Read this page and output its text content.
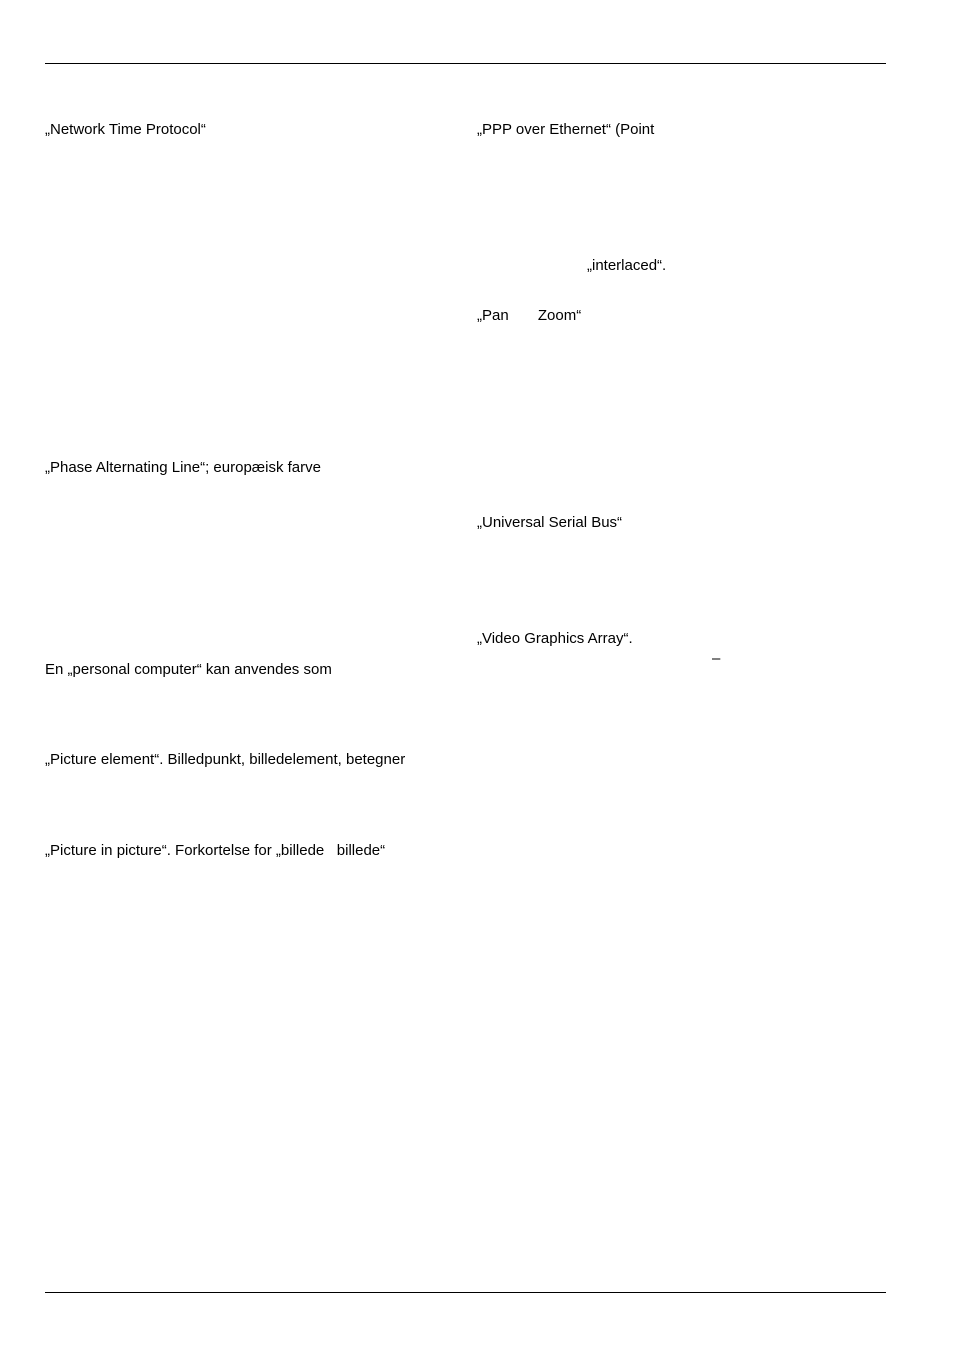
„Network Time Protocol“
„Phase Alternating Line“; europæisk farve
En „personal computer“ kan anvendes som
„Picture element“. Billedpunkt, billedelement, betegner
„Picture in picture“. Forkortelse for „billede   billede“
„PPP over Ethernet“ (Point
„interlaced“.
„Pan       Zoom“
„Universal Serial Bus“
„Video Graphics Array“.
–
